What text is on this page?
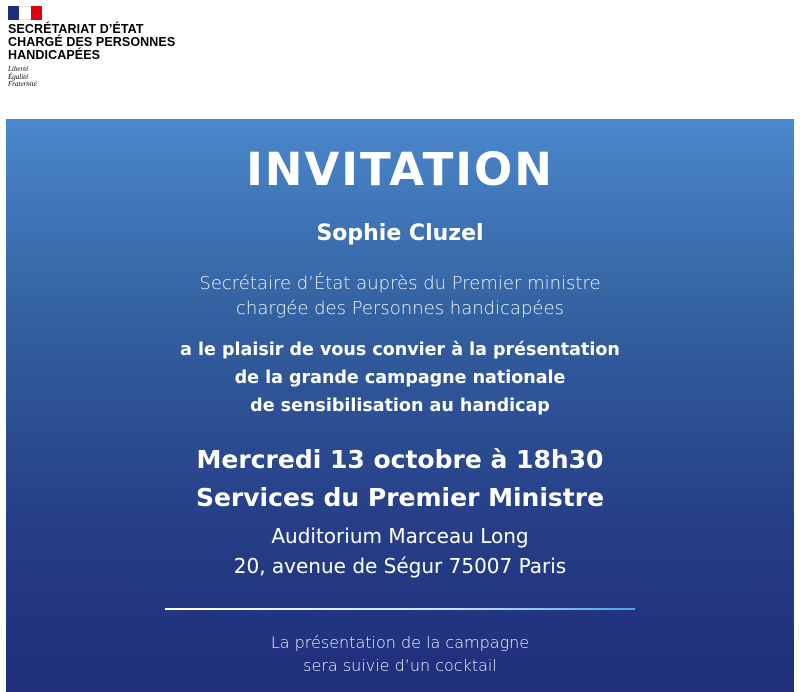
SECRÉTARIAT D’ÉTAT
CHARGÉ DES PERSONNES
HANDICAPÉES
Liberté
Égalité
Fraternité
INVITATION
Sophie Cluzel
Secrétaire d’État auprès du Premier ministre
chargée des Personnes handicapées
a le plaisir de vous convier à la présentation
de la grande campagne nationale
de sensibilisation au handicap
Mercredi 13 octobre à 18h30
Services du Premier Ministre
Auditorium Marceau Long
20, avenue de Ségur 75007 Paris
La présentation de la campagne
sera suivie d’un cocktail
